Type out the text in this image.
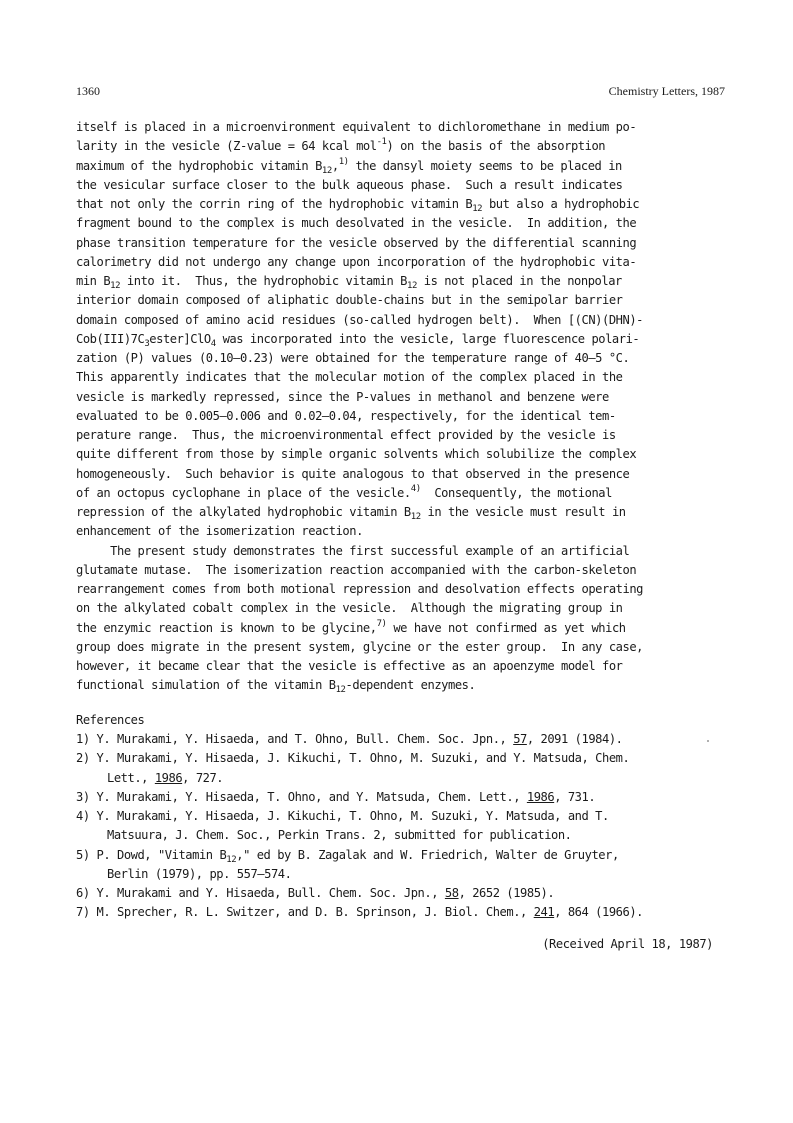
1360	Chemistry Letters, 1987
itself is placed in a microenvironment equivalent to dichloromethane in medium po-
larity in the vesicle (Z-value = 64 kcal mol$^{-1}$) on the basis of the absorption
maximum of the hydrophobic vitamin $B_{12},^{1)}$ the dansyl moiety seems to be placed in
the vesicular surface closer to the bulk aqueous phase.  Such a result indicates
that not only the corrin ring of the hydrophobic vitamin $B_{12}$ but also a hydrophobic
fragment bound to the complex is much desolvated in the vesicle.  In addition, the
phase transition temperature for the vesicle observed by the differential scanning
calorimetry did not undergo any change upon incorporation of the hydrophobic vita-
$\min B_{12}$ into it.  Thus, the hydrophobic vitamin $B_{12}$ is not placed in the nonpolar
interior domain composed of aliphatic double-chains but in the semipolar barrier
domain composed of amino acid residues (so-called hydrogen belt).  When [(CN)(DHN)-
$Cob(III)7C_3ester]ClO_4$ was incorporated into the vesicle, large fluorescence polari-
zation (P) values (0.10—0.23) were obtained for the temperature range of 40—5 °C.
This apparently indicates that the molecular motion of the complex placed in the
vesicle is markedly repressed, since the P-values in methanol and benzene were
evaluated to be 0.005—0.006 and 0.02—0.04, respectively, for the identical tem-
perature range.  Thus, the microenvironmental effect provided by the vesicle is
quite different from those by simple organic solvents which solubilize the complex
homogeneously.  Such behavior is quite analogous to that observed in the presence
of an octopus cyclophane in place of the vesicle.$^{4)}$  Consequently, the motional
repression of the alkylated hydrophobic vitamin $B_{12}$ in the vesicle must result in
enhancement of the isomerization reaction.
The present study demonstrates the first successful example of an artificial
glutamate mutase.  The isomerization reaction accompanied with the carbon-skeleton
rearrangement comes from both motional repression and desolvation effects operating
on the alkylated cobalt complex in the vesicle.  Although the migrating group in
the enzymic reaction is known to be glycine,$^{7)}$ we have not confirmed as yet which
group does migrate in the present system, glycine or the ester group.  In any case,
however, it became clear that the vesicle is effective as an apoenzyme model for
functional simulation of the vitamin $B_{12}$-dependent enzymes.
References
1) Y. Murakami, Y. Hisaeda, and T. Ohno, Bull. Chem. Soc. Jpn., 57, 2091 (1984).
2) Y. Murakami, Y. Hisaeda, J. Kikuchi, T. Ohno, M. Suzuki, and Y. Matsuda, Chem.
Lett., 1986, 727.
3) Y. Murakami, Y. Hisaeda, T. Ohno, and Y. Matsuda, Chem. Lett., 1986, 731.
4) Y. Murakami, Y. Hisaeda, J. Kikuchi, T. Ohno, M. Suzuki, Y. Matsuda, and T.
Matsuura, J. Chem. Soc., Perkin Trans. 2, submitted for publication.
5) P. Dowd, "Vitamin $B_{12}$," ed by B. Zagalak and W. Friedrich, Walter de Gruyter,
Berlin (1979), pp. 557—574.
6) Y. Murakami and Y. Hisaeda, Bull. Chem. Soc. Jpn., 58, 2652 (1985).
7) M. Sprecher, R. L. Switzer, and D. B. Sprinson, J. Biol. Chem., 241, 864 (1966).
(Received April 18, 1987)
